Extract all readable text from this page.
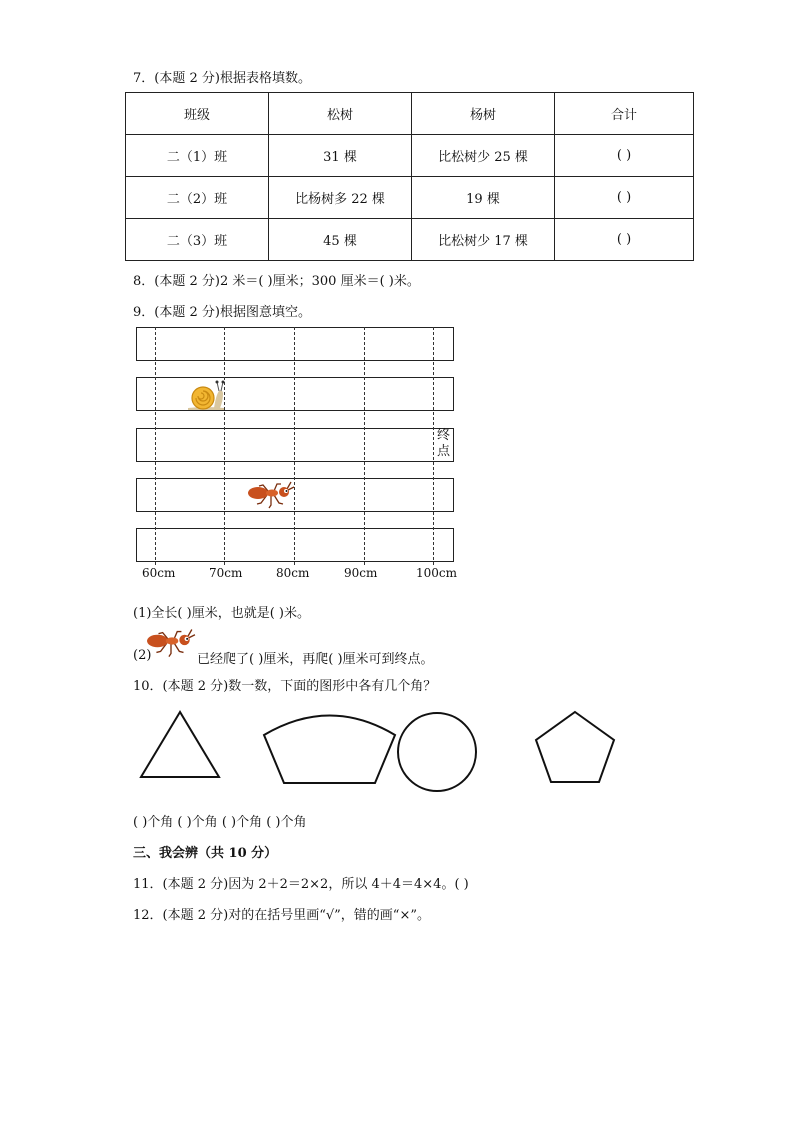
7．(本题 2 分)根据表格填数。
班级	松树	杨树	合计
二（1）班	31 棵	比松树少 25 棵	( )
二（2）班	比杨树多 22 棵	19 棵	( )
二（3）班	45 棵	比松树少 17 棵	( )
8．(本题 2 分)2 米＝( )厘米；300 厘米＝( )米。
9．(本题 2 分)根据图意填空。
终点
60cm	70cm	80cm	90cm	100cm
(1)全长( )厘米，也就是( )米。
(2)	已经爬了( )厘米，再爬( )厘米可到终点。
10．(本题 2 分)数一数，下面的图形中各有几个角？
( )个角 ( )个角 ( )个角 ( )个角
三、我会辨（共 10 分）
11．(本题 2 分)因为 2＋2＝2×2，所以 4＋4＝4×4。( )
12．(本题 2 分)对的在括号里画“√”，错的画“×”。
